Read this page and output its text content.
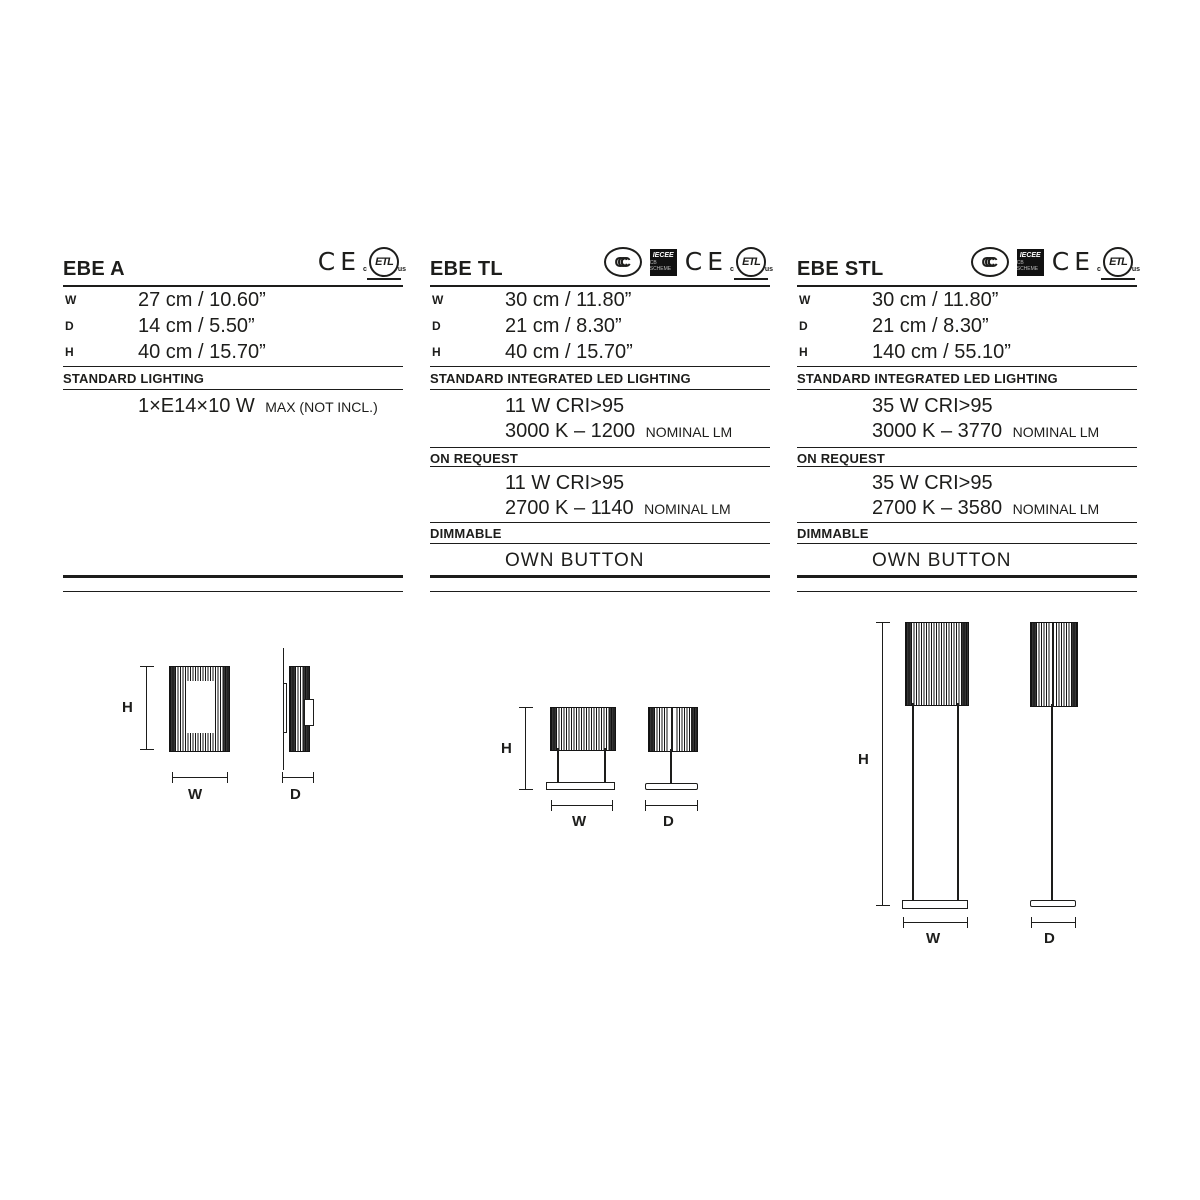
EBE A	CE	ETL
c	us
W	27 cm / 10.60”
D	14 cm / 5.50”
H	40 cm / 15.70”
STANDARD LIGHTING
1×E14×10 W MAX (NOT INCL.)
EBE TL	CCC	IECEE
CB SCHEME CE	ETL
c	us
W	30 cm / 11.80”
D	21 cm / 8.30”
H	40 cm / 15.70”
STANDARD INTEGRATED LED LIGHTING
11 W CRI>95
3000 K – 1200 NOMINAL LM
ON REQUEST
11 W CRI>95
2700 K – 1140 NOMINAL LM
DIMMABLE
OWN BUTTON
EBE STL	CCC	IECEE
CB SCHEME CE	ETL
c	us
W	30 cm / 11.80”
D	21 cm / 8.30”
H	140 cm / 55.10”
STANDARD INTEGRATED LED LIGHTING
35 W CRI>95
3000 K – 3770 NOMINAL LM
ON REQUEST
35 W CRI>95
2700 K – 3580 NOMINAL LM
DIMMABLE
OWN BUTTON
H
W	D
H
W	D
H
W	D
